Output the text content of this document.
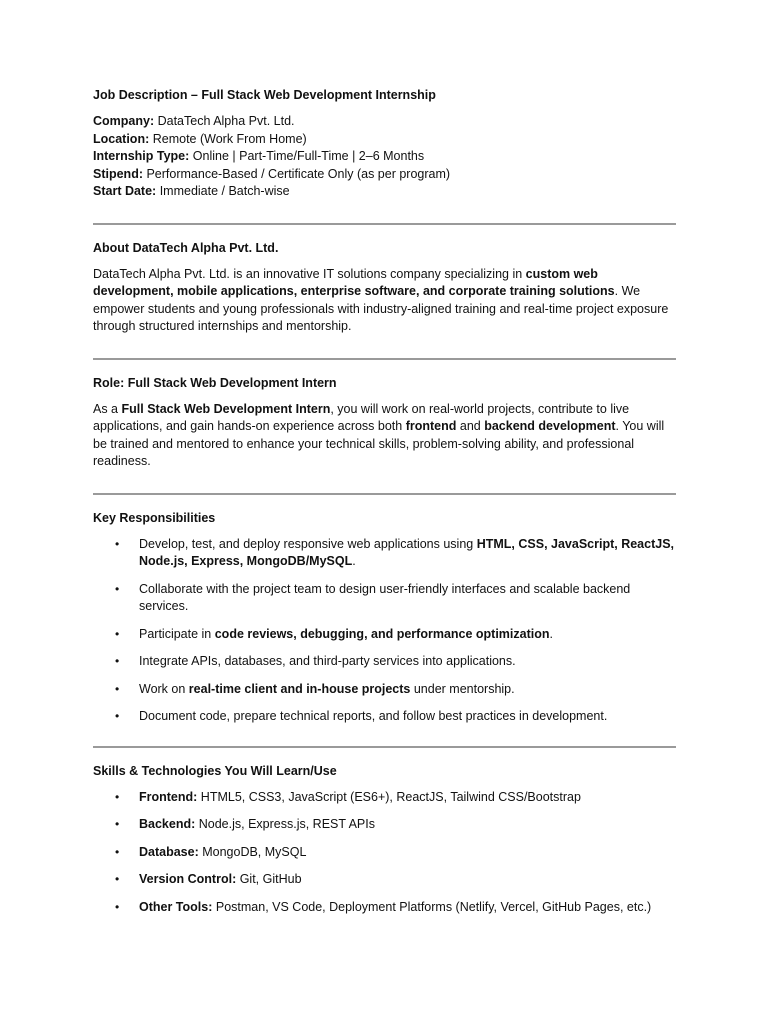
Job Description – Full Stack Web Development Internship
Company: DataTech Alpha Pvt. Ltd.
Location: Remote (Work From Home)
Internship Type: Online | Part-Time/Full-Time | 2–6 Months
Stipend: Performance-Based / Certificate Only (as per program)
Start Date: Immediate / Batch-wise
About DataTech Alpha Pvt. Ltd.
DataTech Alpha Pvt. Ltd. is an innovative IT solutions company specializing in custom web development, mobile applications, enterprise software, and corporate training solutions. We empower students and young professionals with industry-aligned training and real-time project exposure through structured internships and mentorship.
Role: Full Stack Web Development Intern
As a Full Stack Web Development Intern, you will work on real-world projects, contribute to live applications, and gain hands-on experience across both frontend and backend development. You will be trained and mentored to enhance your technical skills, problem-solving ability, and professional readiness.
Key Responsibilities
• Develop, test, and deploy responsive web applications using HTML, CSS, JavaScript, ReactJS, Node.js, Express, MongoDB/MySQL.
• Collaborate with the project team to design user-friendly interfaces and scalable backend services.
• Participate in code reviews, debugging, and performance optimization.
• Integrate APIs, databases, and third-party services into applications.
• Work on real-time client and in-house projects under mentorship.
• Document code, prepare technical reports, and follow best practices in development.
Skills & Technologies You Will Learn/Use
• Frontend: HTML5, CSS3, JavaScript (ES6+), ReactJS, Tailwind CSS/Bootstrap
• Backend: Node.js, Express.js, REST APIs
• Database: MongoDB, MySQL
• Version Control: Git, GitHub
• Other Tools: Postman, VS Code, Deployment Platforms (Netlify, Vercel, GitHub Pages, etc.)
